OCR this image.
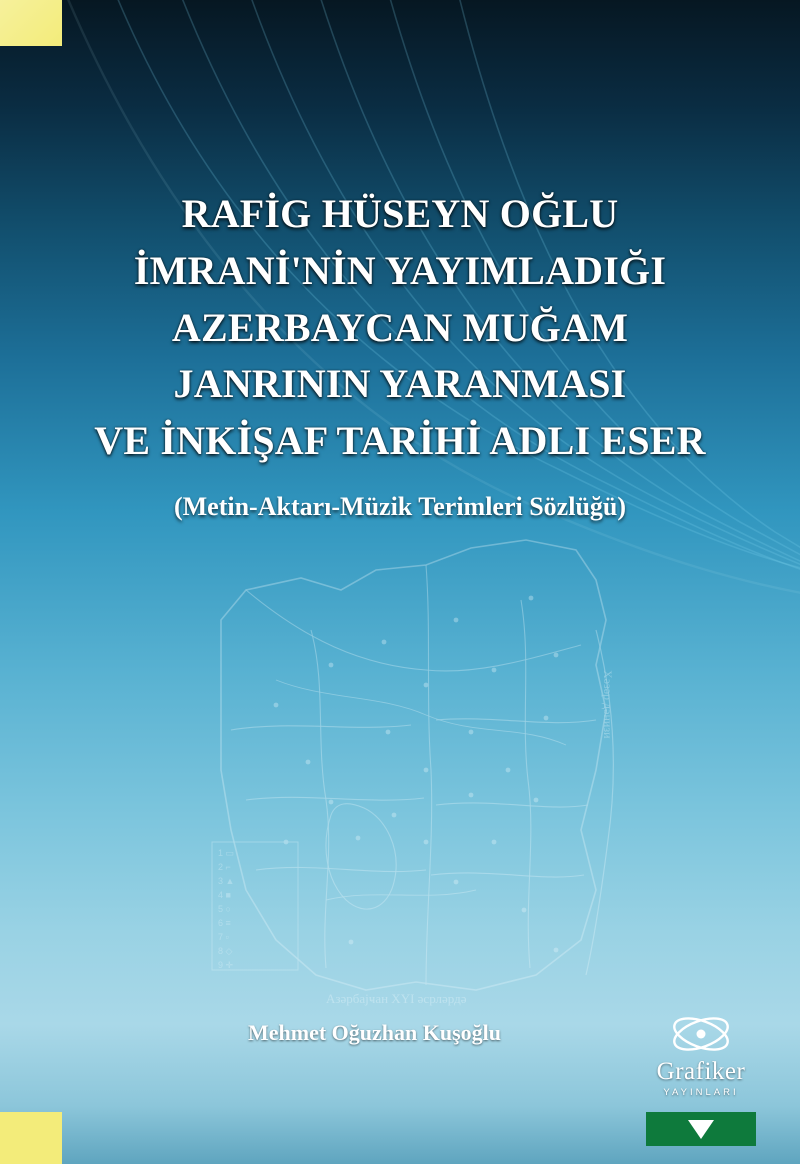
1 ▭
2 ⌐
3 ▲
4 ■
5 ○
6 ≡
7 ▫
8 ◇
9 ✛
Азəрбајҹан XYI əсрлəрдə
Хəзəр дəнизи
RAFİG HÜSEYN OĞLU
İMRANİ'NİN YAYIMLADIĞI
AZERBAYCAN MUĞAM
JANRININ YARANMASI
VE İNKİŞAF TARİHİ ADLI ESER
(Metin-Aktarı-Müzik Terimleri Sözlüğü)
Mehmet Oğuzhan Kuşoğlu
Grafiker
YAYINLARI
